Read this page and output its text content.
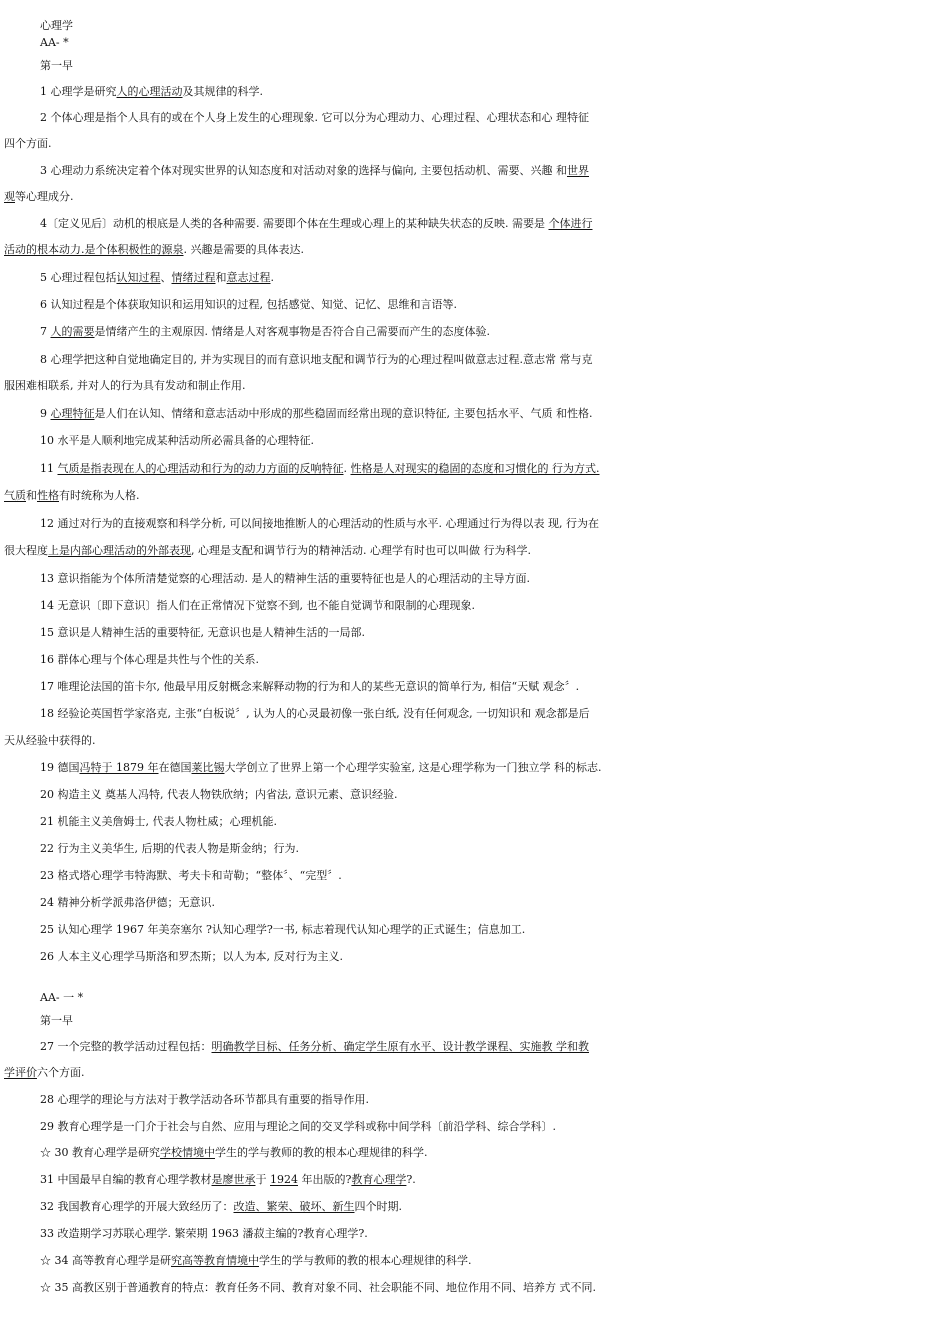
心理学
AA- *
第一早
1 心理学是研究人的心理活动及其规律的科学.
2 个体心理是指个人具有的或在个人身上发生的心理现象. 它可以分为心理动力、心理过程、心理状态和心 理特征
四个方面.
3 心理动力系统决定着个体对现实世界的认知态度和对活动对象的选择与偏向, 主要包括动机、需要、兴趣 和世界
观等心理成分.
4〔定义见后〕动机的根底是人类的各种需要. 需要即个体在生理或心理上的某种缺失状态的反映. 需要是 个体进行
活动的根本动力.是个体积极性的源泉. 兴趣是需要的具体表达.
5 心理过程包括认知过程、情绪过程和意志过程.
6 认知过程是个体获取知识和运用知识的过程, 包括感觉、知觉、记忆、思维和言语等.
7 人的需要是情绪产生的主观原因. 情绪是人对客观事物是否符合自己需要而产生的态度体验.
8 心理学把这种自觉地确定目的, 并为实现目的而有意识地支配和调节行为的心理过程叫做意志过程.意志常 常与克
服困难相联系, 并对人的行为具有发动和制止作用.
9 心理特征是人们在认知、情绪和意志活动中形成的那些稳固而经常出现的意识特征, 主要包括水平、气质 和性格.
10 水平是人顺利地完成某种活动所必需具备的心理特征.
11 气质是指表现在人的心理活动和行为的动力方面的反响特征. 性格是人对现实的稳固的态度和习惯化的 行为方式.
气质和性格有时统称为人格.
12 通过对行为的直接观察和科学分析, 可以间接地推断人的心理活动的性质与水平. 心理通过行为得以表 现, 行为在
很大程度上是内部心理活动的外部表现, 心理是支配和调节行为的精神活动. 心理学有时也可以叫做 行为科学.
13 意识指能为个体所清楚觉察的心理活动. 是人的精神生活的重要特征也是人的心理活动的主导方面.
14 无意识〔即下意识〕指人们在正常情况下觉察不到, 也不能自觉调节和限制的心理现象.
15 意识是人精神生活的重要特征, 无意识也是人精神生活的一局部.
16 群体心理与个体心理是共性与个性的关系.
17 唯理论法国的笛卡尔, 他最早用反射概念来解释动物的行为和人的某些无意识的简单行为, 相信“天赋 观念〞.
18 经验论英国哲学家洛克, 主张“白板说〞, 认为人的心灵最初像一张白纸, 没有任何观念, 一切知识和 观念都是后
天从经验中获得的.
19 德国冯特于 1879 年在德国莱比锡大学创立了世界上第一个心理学实验室, 这是心理学称为一门独立学 科的标志.
20 构造主义 奠基人冯特, 代表人物铁欣纳；内省法, 意识元素、意识经验.
21 机能主义美詹姆士, 代表人物杜威；心理机能.
22 行为主义美华生, 后期的代表人物是斯金纳；行为.
23 格式塔心理学韦特海默、考夫卡和苛勒；“整体〞、“完型〞.
24 精神分析学派弗洛伊德；无意识.
25 认知心理学 1967 年美奈塞尔 ?认知心理学?一书, 标志着现代认知心理学的正式诞生；信息加工.
26 人本主义心理学马斯洛和罗杰斯；以人为本, 反对行为主义.
AA- 一 *
第一早
27 一个完整的教学活动过程包括：明确教学目标、任务分析、确定学生原有水平、设计教学课程、实施教 学和教
学评价六个方面.
28 心理学的理论与方法对于教学活动各环节都具有重要的指导作用.
29 教育心理学是一门介于社会与自然、应用与理论之间的交叉学科或称中间学科〔前沿学科、综合学科〕.
☆ 30 教育心理学是研究学校情境中学生的学与教师的教的根本心理规律的科学.
31 中国最早自编的教育心理学教材是廖世承于 1924 年出版的?教育心理学?.
32 我国教育心理学的开展大致经历了：改造、繁荣、破坏、新生四个时期.
33 改造期学习苏联心理学. 繁荣期 1963 潘菽主编的?教育心理学?.
☆ 34 高等教育心理学是研究高等教育情境中学生的学与教师的教的根本心理规律的科学.
☆ 35 高教区别于普通教育的特点：教育任务不同、教育对象不同、社会职能不同、地位作用不同、培养方 式不同.
